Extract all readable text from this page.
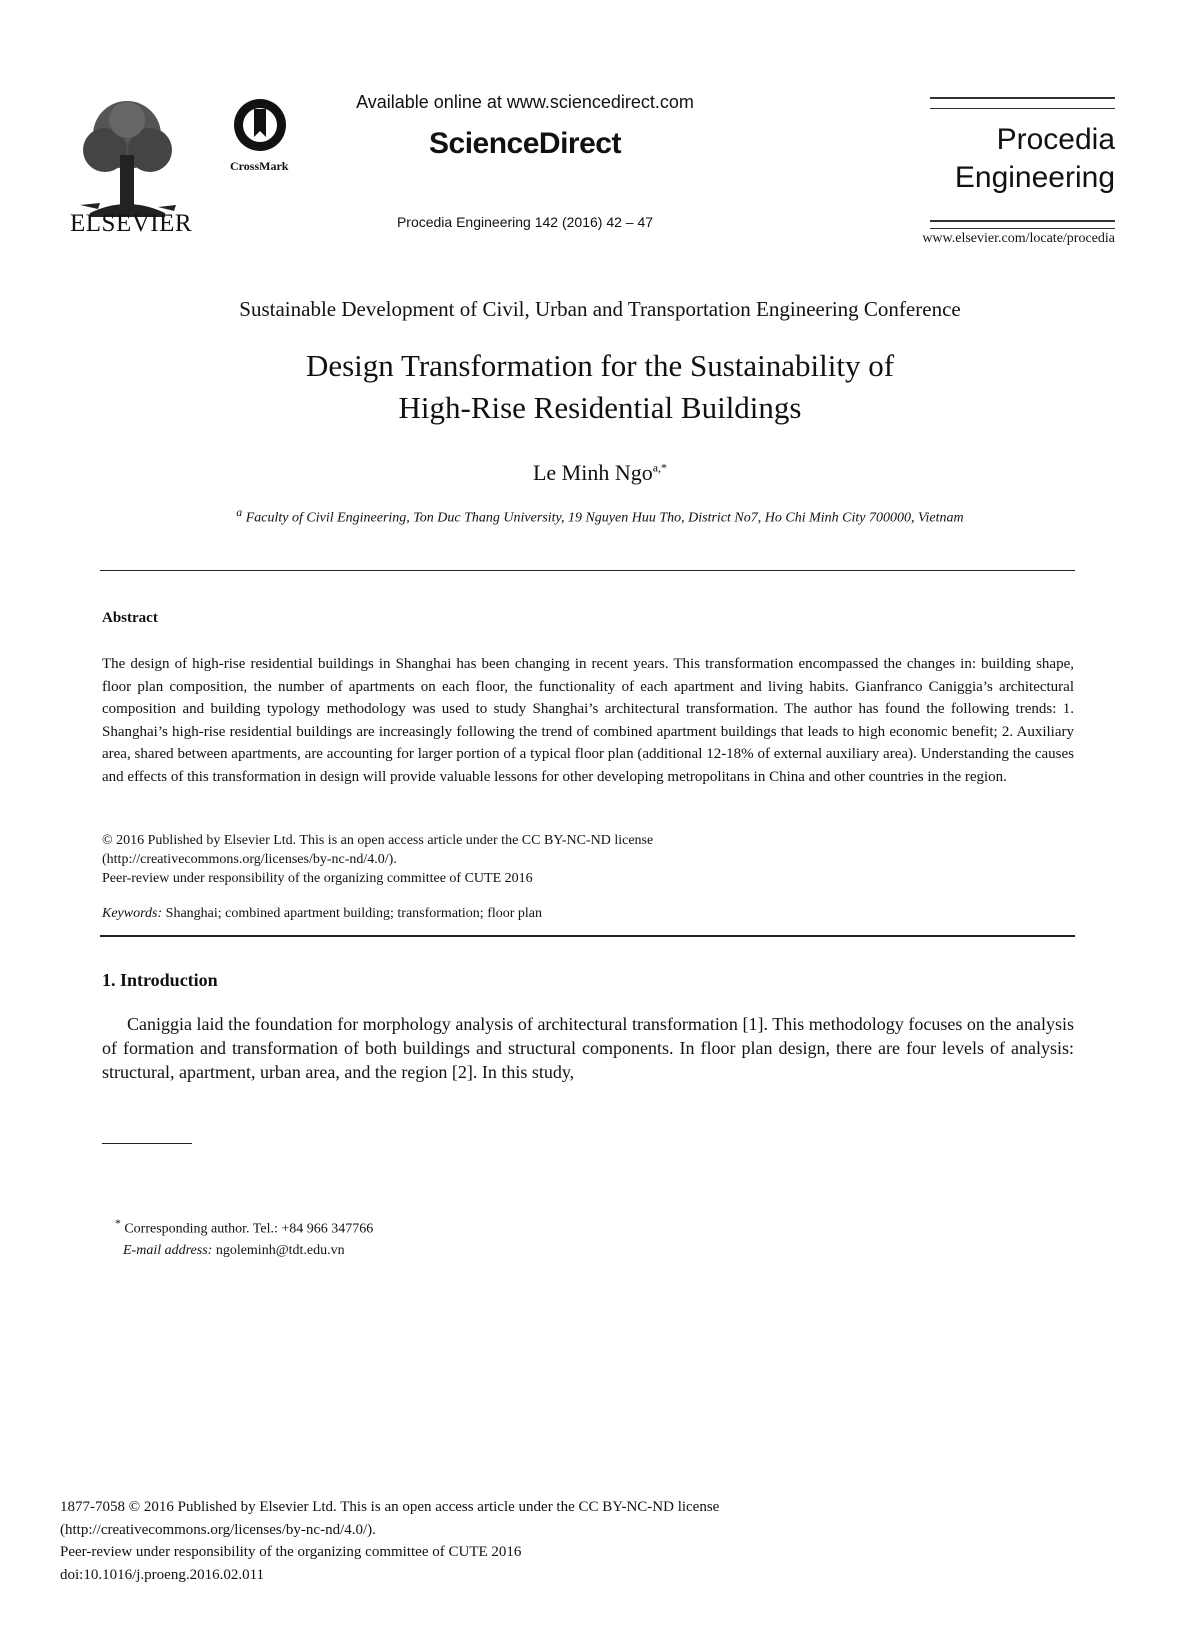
ELSEVIER
CrossMark
Available online at www.sciencedirect.com
ScienceDirect
Procedia Engineering 142 (2016) 42 – 47
Procedia
Engineering
www.elsevier.com/locate/procedia
Sustainable Development of Civil, Urban and Transportation Engineering Conference
Design Transformation for the Sustainability of
High-Rise Residential Buildings
Le Minh Ngo$^{a,*}$
$^a$ Faculty of Civil Engineering, Ton Duc Thang University, 19 Nguyen Huu Tho, District No7, Ho Chi Minh City 700000, Vietnam
Abstract
The design of high-rise residential buildings in Shanghai has been changing in recent years. This transformation encompassed the changes in: building shape, floor plan composition, the number of apartments on each floor, the functionality of each apartment and living habits. Gianfranco Caniggia’s architectural composition and building typology methodology was used to study Shanghai’s architectural transformation. The author has found the following trends: 1. Shanghai’s high-rise residential buildings are increasingly following the trend of combined apartment buildings that leads to high economic benefit; 2. Auxiliary area, shared between apartments, are accounting for larger portion of a typical floor plan (additional 12-18% of external auxiliary area). Understanding the causes and effects of this transformation in design will provide valuable lessons for other developing metropolitans in China and other countries in the region.
© 2016 Published by Elsevier Ltd. This is an open access article under the CC BY-NC-ND license
(http://creativecommons.org/licenses/by-nc-nd/4.0/).
Peer-review under responsibility of the organizing committee of CUTE 2016
Keywords: Shanghai; combined apartment building; transformation; floor plan
1. Introduction
Caniggia laid the foundation for morphology analysis of architectural transformation [1]. This methodology focuses on the analysis of formation and transformation of both buildings and structural components. In floor plan design, there are four levels of analysis: structural, apartment, urban area, and the region [2]. In this study,
* Corresponding author. Tel.: +84 966 347766
E-mail address: ngoleminh@tdt.edu.vn
1877-7058 © 2016 Published by Elsevier Ltd. This is an open access article under the CC BY-NC-ND license
(http://creativecommons.org/licenses/by-nc-nd/4.0/).
Peer-review under responsibility of the organizing committee of CUTE 2016
doi:10.1016/j.proeng.2016.02.011
